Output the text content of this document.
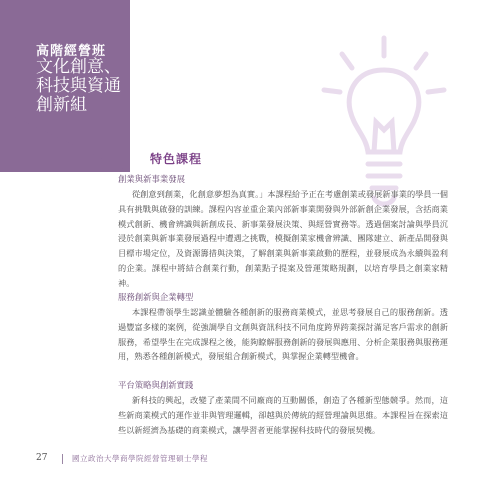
高階經營班
文化創意、
科技與資通
創新組
特色課程
創業與新事業發展

從創意到創業，化創意夢想為真實。」本課程給予正在考慮創業或發展新事業的學員一個具有挑戰與啟發的訓練。課程內容並重企業內部新事業開發與外部新創企業發展，含括商業模式創新、機會辨識與新創成長、新事業發展決策、與經營實務等。透過個案討論與學員沉浸於創業與新事業發展過程中遭遇之挑戰，模擬創業家機會辨識、團隊建立、新產品開發與目標市場定位，及資源籌措與決策，了解創業與新事業啟動的歷程，並發展成為永續與盈利的企業。課程中將結合創業行動，創業點子提案及營運策略規劃，以培育學員之創業家精神。

服務創新與企業轉型

本課程帶領學生認識並體驗各種創新的服務商業模式，並思考發展自己的服務創新。透過豐富多樣的案例，從強調學自文創與資訊科技不同角度跨界跨業探討滿足客戶需求的創新服務，希望學生在完成課程之後，能夠瞭解服務創新的發展與應用、分析企業服務與服務運用，熟悉各種創新模式，發展組合創新模式，與掌握企業轉型機會。

平台策略與創新實踐

新科技的興起，改變了產業間不同廠商的互動關係，創造了各種新型態競爭。然而，這些新商業模式的運作並非與管理邏輯，卻越與於傳統的經營理論與思維。本課程旨在探索這些以新經濟為基礎的商業模式，讓學習者更能掌握科技時代的發展契機。

27	國立政治大學商學院經營管理碩士學程
